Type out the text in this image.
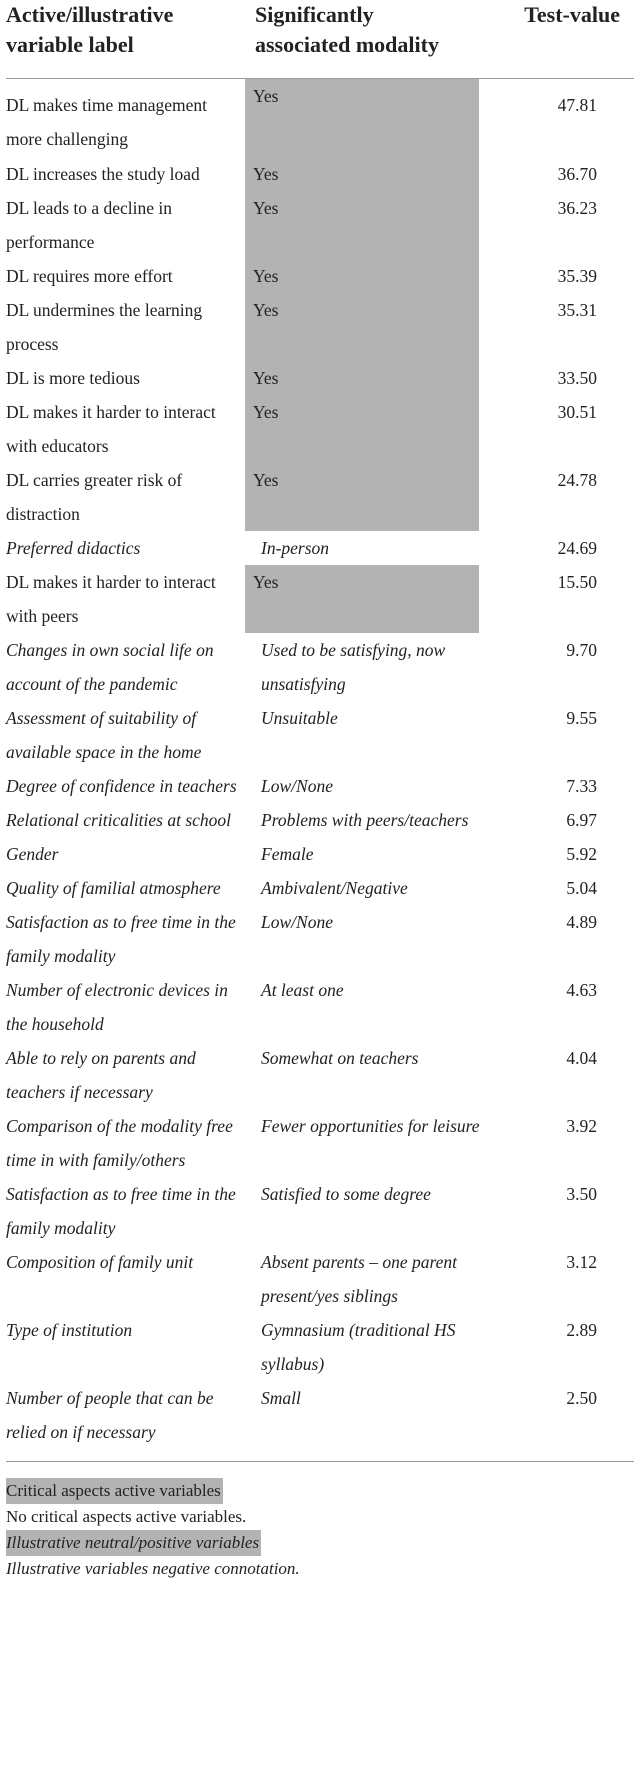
Active/illustrative
variable label	Significantly
associated modality	Test-value
DL makes time management more challenging	Yes	47.81
DL increases the study load	Yes	36.70
DL leads to a decline in performance	Yes	36.23
DL requires more effort	Yes	35.39
DL undermines the learning process	Yes	35.31
DL is more tedious	Yes	33.50
DL makes it harder to interact with educators	Yes	30.51
DL carries greater risk of distraction	Yes	24.78
Preferred didactics	In-person	24.69
DL makes it harder to interact with peers	Yes	15.50
Changes in own social life on account of the pandemic	Used to be satisfying, now unsatisfying	9.70
Assessment of suitability of available space in the home	Unsuitable	9.55
Degree of confidence in teachers	Low/None	7.33
Relational criticalities at school	Problems with peers/teachers	6.97
Gender	Female	5.92
Quality of familial atmosphere	Ambivalent/Negative	5.04
Satisfaction as to free time in the family modality	Low/None	4.89
Number of electronic devices in the household	At least one	4.63
Able to rely on parents and teachers if necessary	Somewhat on teachers	4.04
Comparison of the modality free time in with family/others	Fewer opportunities for leisure	3.92
Satisfaction as to free time in the family modality	Satisfied to some degree	3.50
Composition of family unit	Absent parents – one parent present/yes siblings	3.12
Type of institution	Gymnasium (traditional HS syllabus)	2.89
Number of people that can be relied on if necessary	Small	2.50
Critical aspects active variables
No critical aspects active variables.
Illustrative neutral/positive variables
Illustrative variables negative connotation.
